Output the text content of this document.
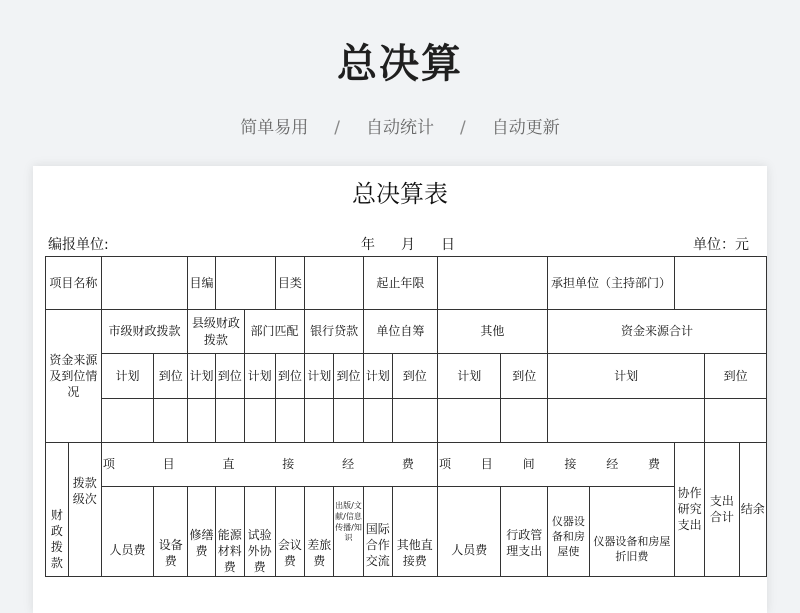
总决算
简单易用 / 自动统计 / 自动更新
总决算表
编报单位:	年 月 日	单位：元
项目名称				目编			目类			起止年限				承担单位（主持部门）				
资金来源及到位情况		市级财政拨款		县级财政拨款		部门匹配		银行贷款		单位自筹		其他		资金来源合计				
		计划	到位	计划	到位	计划	到位	计划	到位	计划	到位	计划	到位	计划			到位	

财政拨款	拨款级次	项 目 直 接 经 费										项 目 间 接 经 费				协作研究支出	支出合计	结余
		人员费	设备费	修缮费	能源材料费	试验外协费	会议费	差旅费	出版/文献/信息传播/知识	国际合作交流	其他直接费	人员费	行政管理支出	仪器设备和房屋使	仪器设备和房屋折旧费			
